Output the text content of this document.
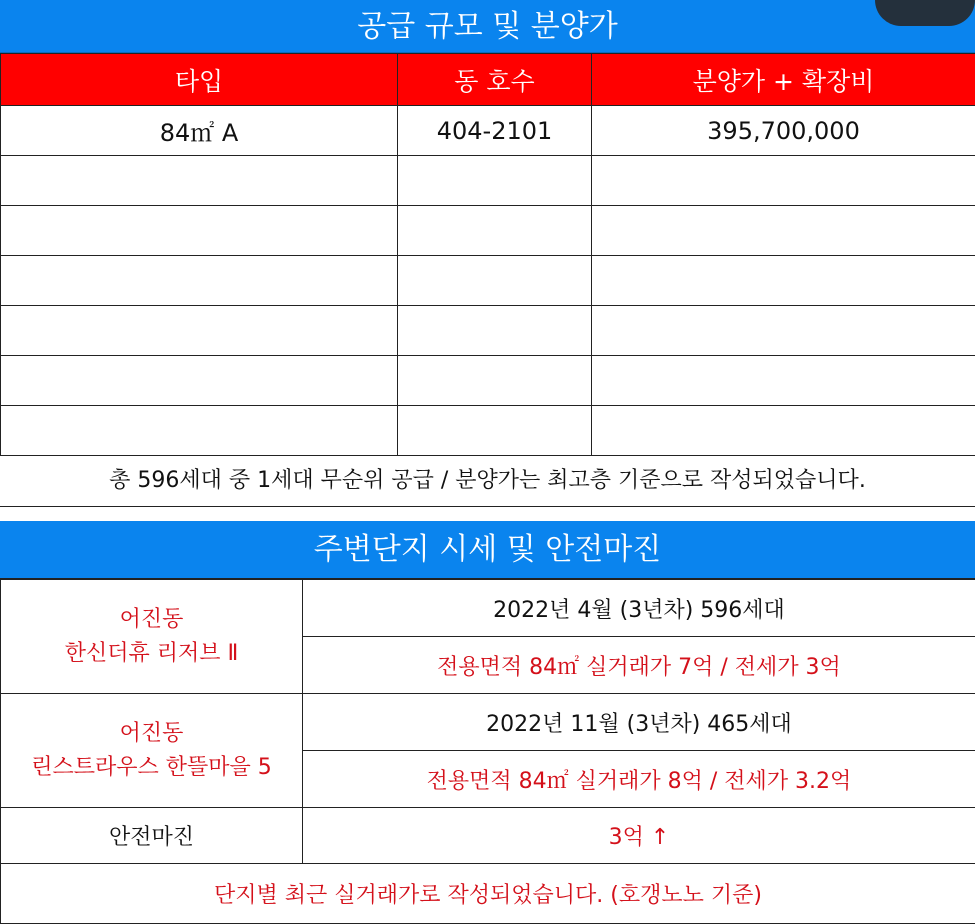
공급 규모 및 분양가
타입	동 호수	분양가 + 확장비
84㎡ A	404-2101	395,700,000

총 596세대 중 1세대 무순위 공급 / 분양가는 최고층 기준으로 작성되었습니다.
주변단지 시세 및 안전마진
어진동
한신더휴 리저브 Ⅱ	2022년 4월 (3년차) 596세대
	전용면적 84㎡ 실거래가 7억 / 전세가 3억

어진동
린스트라우스 한뜰마을 5	2022년 11월 (3년차) 465세대
	전용면적 84㎡ 실거래가 8억 / 전세가 3.2억
안전마진	3억 ↑
단지별 최근 실거래가로 작성되었습니다. (호갱노노 기준)	
